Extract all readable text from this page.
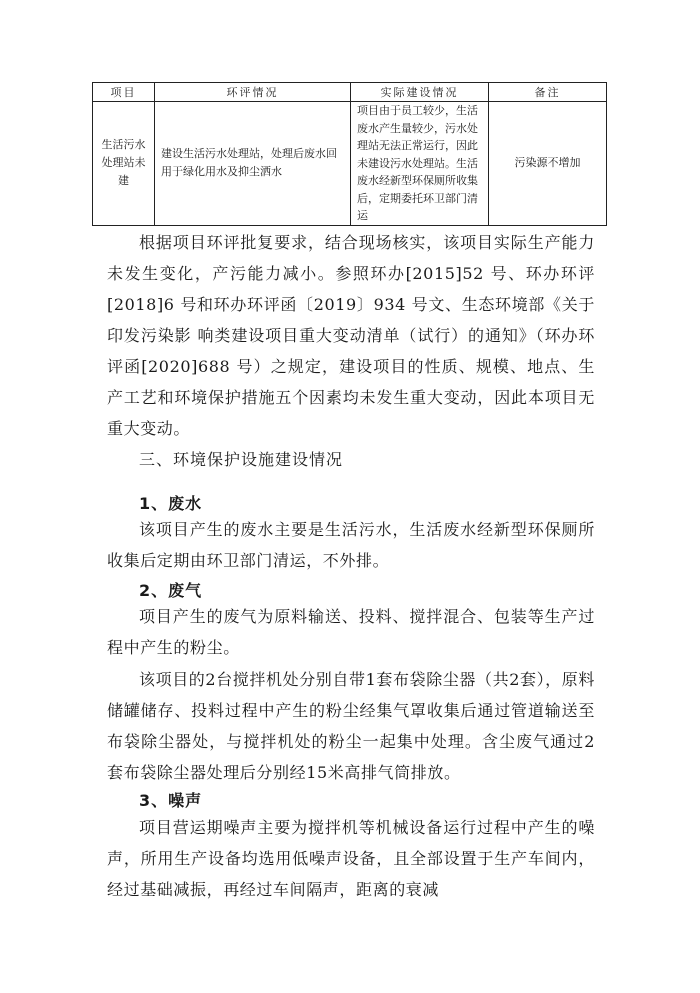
项目	环评情况	实际建设情况	备注
生活污水处理站未建	建设生活污水处理站，处理后废水回用于绿化用水及抑尘洒水	项目由于员工较少，生活废水产生量较少，污水处理站无法正常运行，因此未建设污水处理站。生活废水经新型环保厕所收集后，定期委托环卫部门清运	污染源不增加

根据项目环评批复要求，结合现场核实，该项目实际生产能力未发生变化，产污能力减小。参照环办[2015]52 号、环办环评[2018]6 号和环办环评函〔2019〕934 号文、生态环境部《关于印发污染影 响类建设项目重大变动清单（试行）的通知》（环办环评函[2020]688 号）之规定，建设项目的性质、规模、地点、生产工艺和环境保护措施五个因素均未发生重大变动，因此本项目无重大变动。

三、环境保护设施建设情况

1、废水

该项目产生的废水主要是生活污水，生活废水经新型环保厕所收集后定期由环卫部门清运，不外排。

2、废气

项目产生的废气为原料输送、投料、搅拌混合、包装等生产过程中产生的粉尘。

该项目的2台搅拌机处分别自带1套布袋除尘器（共2套），原料储罐储存、投料过程中产生的粉尘经集气罩收集后通过管道输送至布袋除尘器处，与搅拌机处的粉尘一起集中处理。含尘废气通过2套布袋除尘器处理后分别经15米高排气筒排放。

3、噪声

项目营运期噪声主要为搅拌机等机械设备运行过程中产生的噪声，所用生产设备均选用低噪声设备，且全部设置于生产车间内，经过基础减振，再经过车间隔声，距离的衰减
